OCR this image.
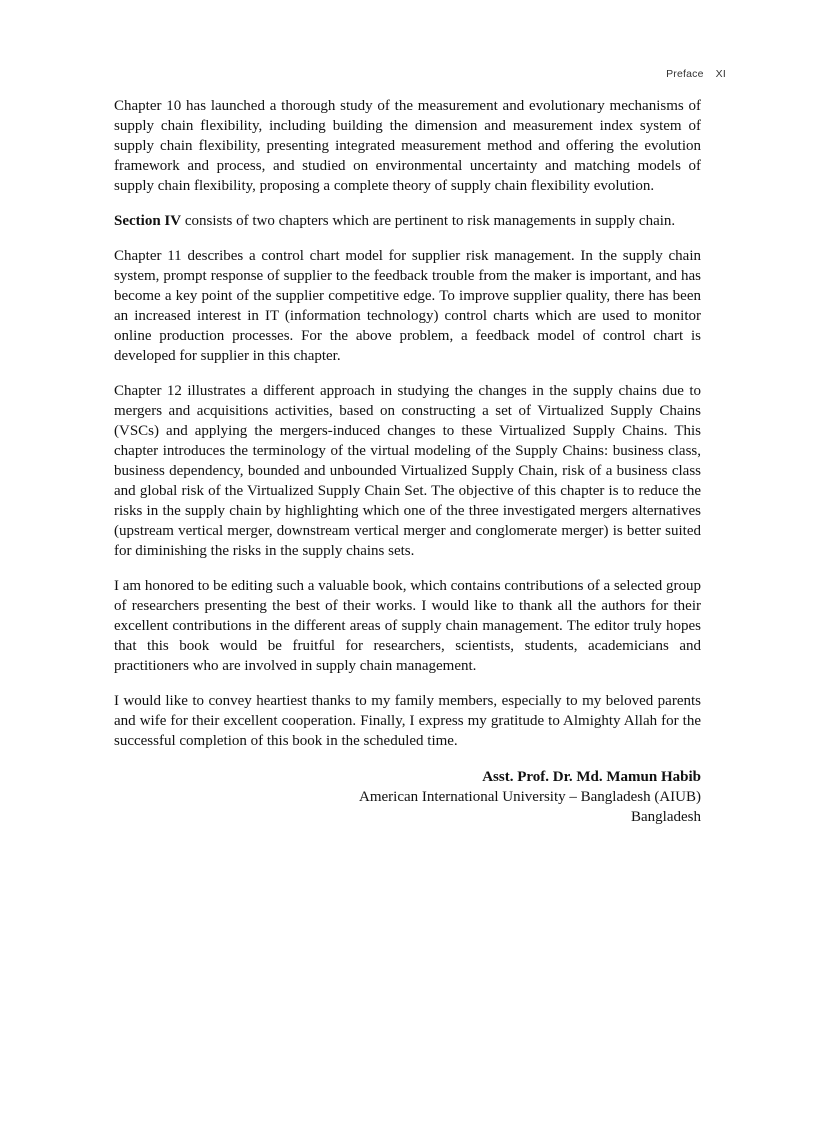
Preface XI

Chapter 10 has launched a thorough study of the measurement and evolutionary mechanisms of supply chain flexibility, including building the dimension and measurement index system of supply chain flexibility, presenting integrated measurement method and offering the evolution framework and process, and studied on environmental uncertainty and matching models of supply chain flexibility, proposing a complete theory of supply chain flexibility evolution.

Section IV consists of two chapters which are pertinent to risk managements in supply chain.

Chapter 11 describes a control chart model for supplier risk management. In the supply chain system, prompt response of supplier to the feedback trouble from the maker is important, and has become a key point of the supplier competitive edge. To improve supplier quality, there has been an increased interest in IT (information technology) control charts which are used to monitor online production processes. For the above problem, a feedback model of control chart is developed for supplier in this chapter.

Chapter 12 illustrates a different approach in studying the changes in the supply chains due to mergers and acquisitions activities, based on constructing a set of Virtualized Supply Chains (VSCs) and applying the mergers-induced changes to these Virtualized Supply Chains. This chapter introduces the terminology of the virtual modeling of the Supply Chains: business class, business dependency, bounded and unbounded Virtualized Supply Chain, risk of a business class and global risk of the Virtualized Supply Chain Set. The objective of this chapter is to reduce the risks in the supply chain by highlighting which one of the three investigated mergers alternatives (upstream vertical merger, downstream vertical merger and conglomerate merger) is better suited for diminishing the risks in the supply chains sets.

I am honored to be editing such a valuable book, which contains contributions of a selected group of researchers presenting the best of their works. I would like to thank all the authors for their excellent contributions in the different areas of supply chain management. The editor truly hopes that this book would be fruitful for researchers, scientists, students, academicians and practitioners who are involved in supply chain management.

I would like to convey heartiest thanks to my family members, especially to my beloved parents and wife for their excellent cooperation. Finally, I express my gratitude to Almighty Allah for the successful completion of this book in the scheduled time.

Asst. Prof. Dr. Md. Mamun Habib
American International University – Bangladesh (AIUB)
Bangladesh
